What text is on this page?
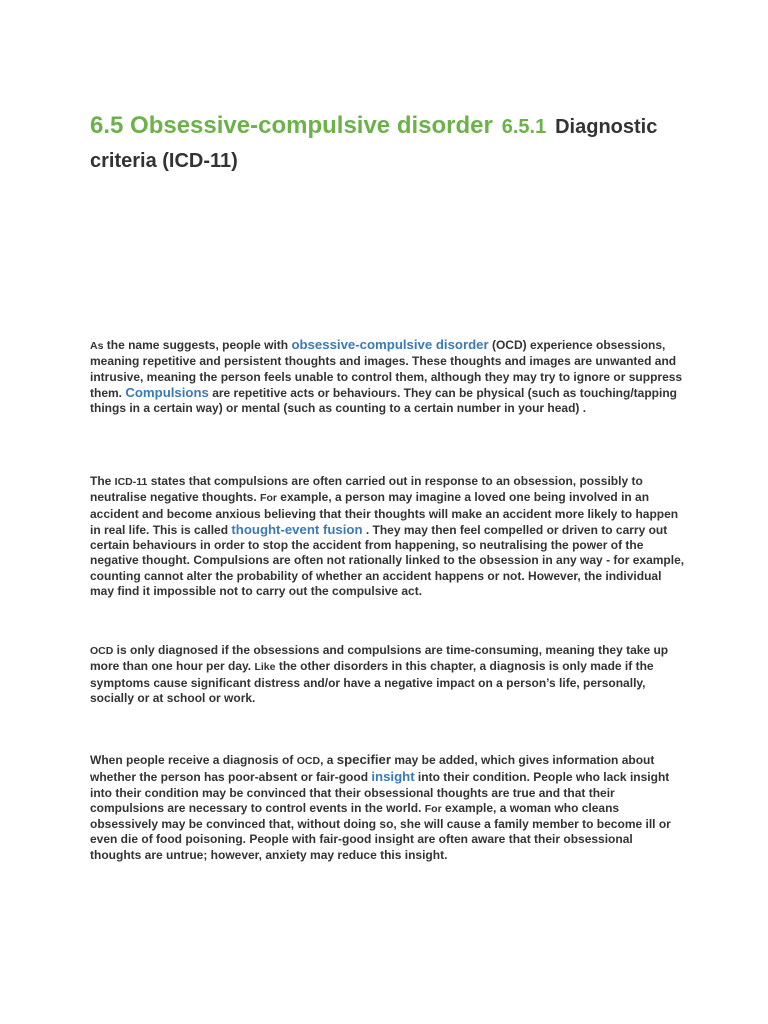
6.5 Obsessive-compulsive disorder 6.5.1 Diagnostic criteria (ICD-11)

As the name suggests, people with obsessive-compulsive disorder (OCD) experience obsessions, meaning repetitive and persistent thoughts and images. These thoughts and images are unwanted and intrusive, meaning the person feels unable to control them, although they may try to ignore or suppress them. Compulsions are repetitive acts or behaviours. They can be physical (such as touching/tapping things in a certain way) or mental (such as counting to a certain number in your head) .

The ICD-11 states that compulsions are often carried out in response to an obsession, possibly to neutralise negative thoughts. For example, a person may imagine a loved one being involved in an accident and become anxious believing that their thoughts will make an accident more likely to happen in real life. This is called thought-event fusion . They may then feel compelled or driven to carry out certain behaviours in order to stop the accident from happening, so neutralising the power of the negative thought. Compulsions are often not rationally linked to the obsession in any way - for example, counting cannot alter the probability of whether an accident happens or not. However, the individual may find it impossible not to carry out the compulsive act.

OCD is only diagnosed if the obsessions and compulsions are time-consuming, meaning they take up more than one hour per day. Like the other disorders in this chapter, a diagnosis is only made if the symptoms cause significant distress and/or have a negative impact on a person’s life, personally, socially or at school or work.

When people receive a diagnosis of OCD, a specifier may be added, which gives information about whether the person has poor-absent or fair-good insight into their condition. People who lack insight into their condition may be convinced that their obsessional thoughts are true and that their compulsions are necessary to control events in the world. For example, a woman who cleans obsessively may be convinced that, without doing so, she will cause a family member to become ill or even die of food poisoning. People with fair-good insight are often aware that their obsessional thoughts are untrue; however, anxiety may reduce this insight.
